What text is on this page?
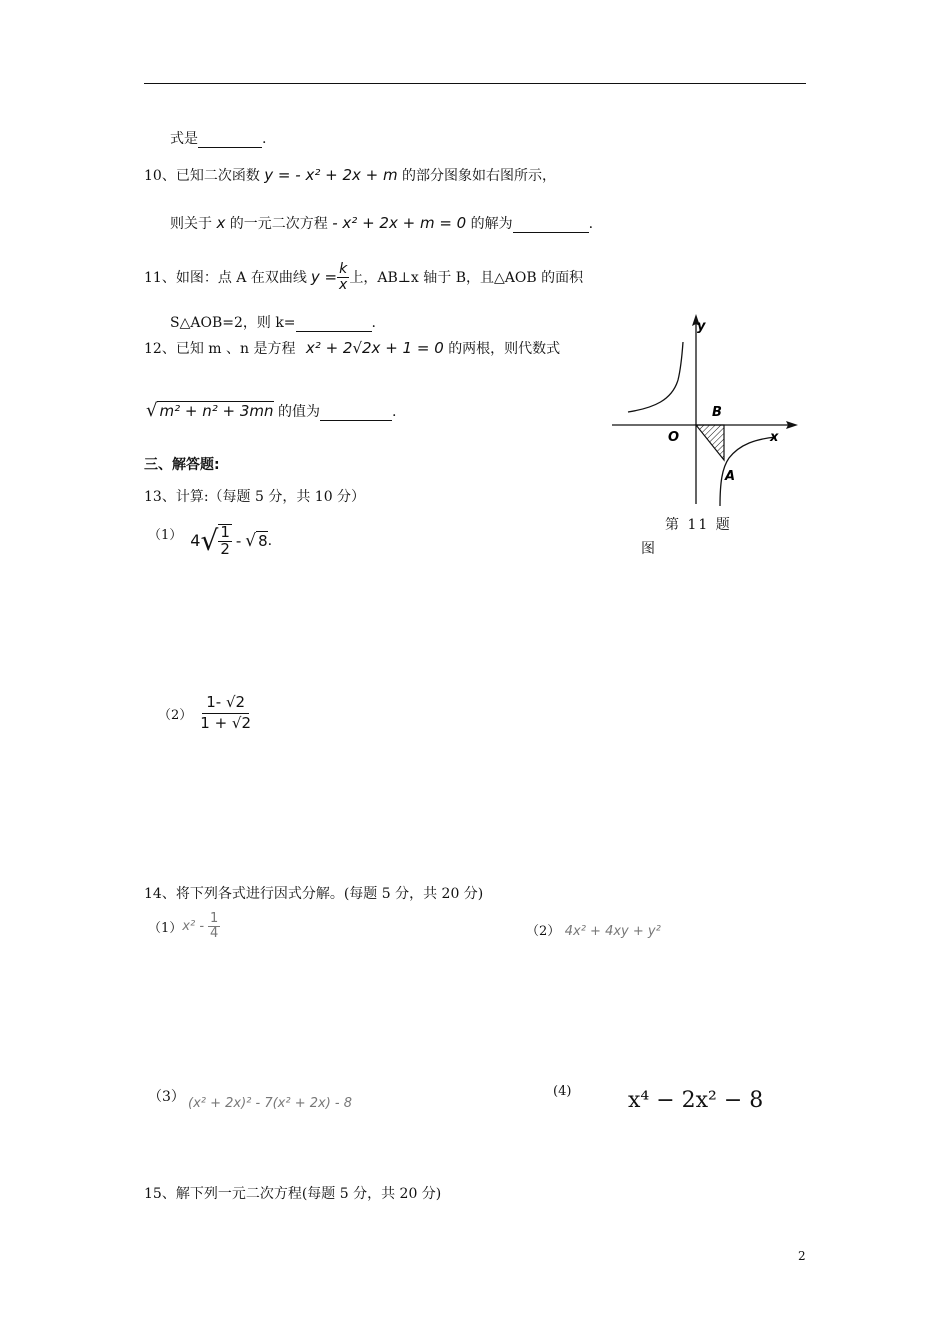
式是	.
10、已知二次函数 y = - x² + 2x + m 的部分图象如右图所示，
则关于 x 的一元二次方程 - x² + 2x + m = 0 的解为	.
11、如图：点 A 在双曲线 $y = \frac{k}{x}$ 上，AB⊥x 轴于 B，且△AOB 的面积
S△AOB=2，则 k=	.
12、已知 m 、n 是方程 x² + 2√2x + 1 = 0 的两根，则代数式
√ m² + n² + 3mn 的值为	.
三、解答题:
13、计算:（每题 5 分，共 10 分）
（1） 4 √ $\frac{1}{2}$ - √ 8 .
$(2) \frac{1- √2}{1 + √2}$
14、将下列各式进行因式分解。(每题 5 分，共 20 分)
（1） $x^2 - \frac{1}{4}$	（2） 4x² + 4xy + y²
（3） (x² + 2x)² - 7(x² + 2x) - 8
(4)	x⁴ − 2x² − 8
15、解下列一元二次方程(每题 5 分，共 20 分)
2
y
x
O
B
A
第 11 题
图
